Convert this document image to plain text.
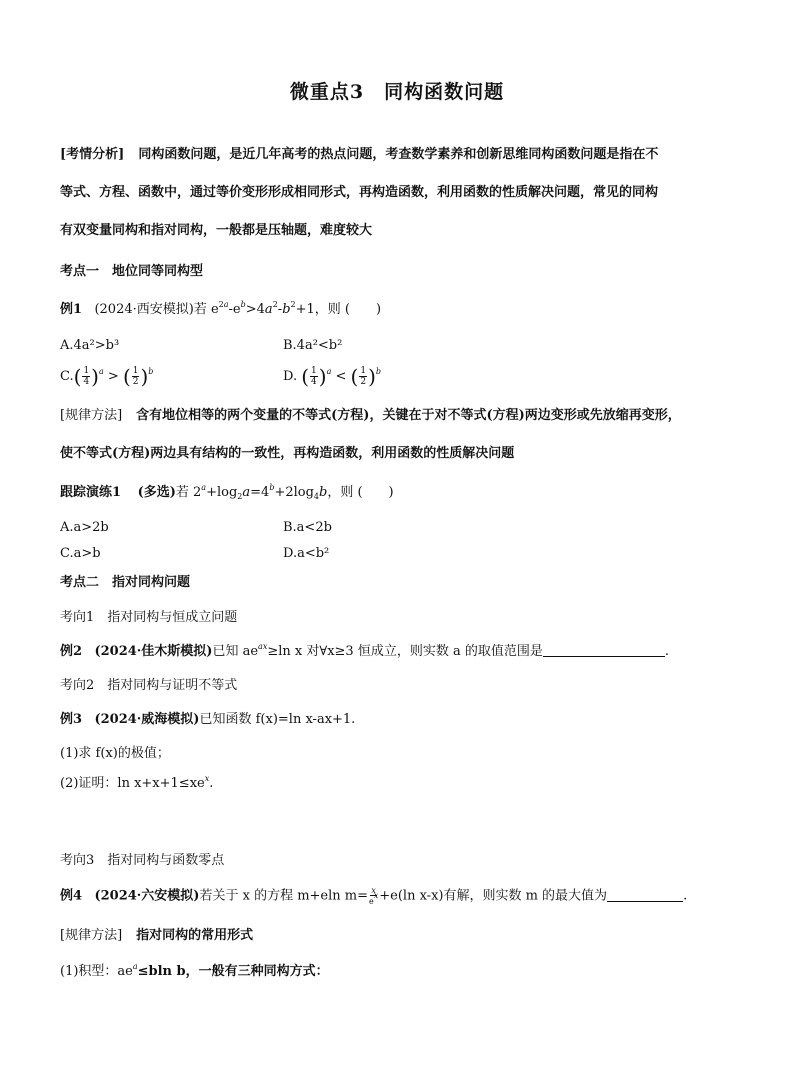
微重点3　同构函数问题
[考情分析] 同构函数问题，是近几年高考的热点问题，考查数学素养和创新思维同构函数问题是指在不
等式、方程、函数中，通过等价变形形成相同形式，再构造函数，利用函数的性质解决问题，常见的同构
有双变量同构和指对同构，一般都是压轴题，难度较大
考点一　地位同等同构型
例1 (2024·西安模拟)若 $e^{2a}-e^b>4a^2-b^2+1$，则 (　　)
A.4a²>b³	B.4a²<b²
$C.( \frac{1}{4} )^a$ > ( $\frac{1}{2} )^b$	D. ( $\frac{1}{4} )^a$ < ( $\frac{1}{2} )^b$
[规律方法] 含有地位相等的两个变量的不等式(方程)，关键在于对不等式(方程)两边变形或先放缩再变形，
使不等式(方程)两边具有结构的一致性，再构造函数，利用函数的性质解决问题
跟踪演练1 (多选)若 $2^a+\log_2a=4^b+2\log_4b$，则 (　　)
A.a>2b	B.a<2b
C.a>b	D.a<b²
考点二　指对同构问题
考向1　指对同构与恒成立问题
例2 (2024·佳木斯模拟)已知 $ae^{ax}\ge\ln$ x 对∀x≥3 恒成立，则实数 a 的取值范围是	.
考向2　指对同构与证明不等式
例3 (2024·威海模拟)已知函数 f(x)=ln x-ax+1.
(1)求 f(x)的极值；
(2)证明：$\ln x+x+1\le xe^x$.
考向3　指对同构与函数零点
例4 (2024·六安模拟)若关于 x 的方程 m+eln $m= \frac{x}{e^x} +e(\ln$ x-x)有解，则实数 m 的最大值为	.
[规律方法] 指对同构的常用形式
(1)积型：$ae^a\le bln$ b，一般有三种同构方式：
